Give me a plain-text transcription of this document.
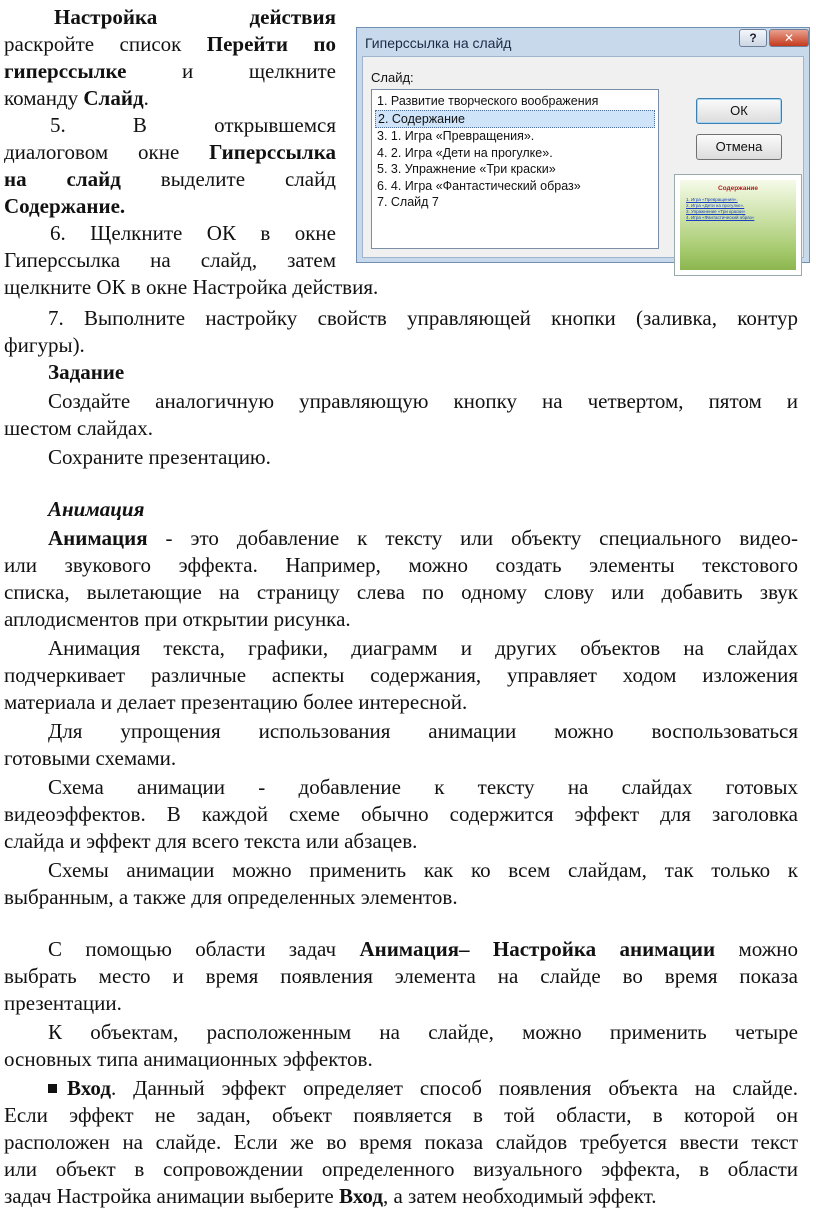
Настройка действия
раскройте список Перейти по
гиперссылке и щелкните
команду Слайд.
5. В открывшемся
диалоговом окне Гиперссылка
на слайд выделите слайд
Содержание.
6. Щелкните ОК в окне
Гиперссылка на слайд, затем
щелкните ОК в окне Настройка действия.
Гиперссылка на слайд	?	✕
Слайд:
1. Развитие творческого воображения
2. Содержание
3. 1. Игра «Превращения».
4. 2. Игра «Дети на прогулке».
5. 3. Упражнение «Три краски»
6. 4. Игра «Фантастический образ»
7. Слайд 7
ОК
Отмена
Содержание
1. Игра «Превращения».
2. Игра «Дети на прогулке».
3. Упражнение «Три краски»
4. Игра «Фантастический образ»
7. Выполните настройку свойств управляющей кнопки (заливка, контур
фигуры).
Задание
Создайте аналогичную управляющую кнопку на четвертом, пятом и
шестом слайдах.
Сохраните презентацию.
Анимация
Анимация - это добавление к тексту или объекту специального видео-
или звукового эффекта. Например, можно создать элементы текстового
списка, вылетающие на страницу слева по одному слову или добавить звук
аплодисментов при открытии рисунка.
Анимация текста, графики, диаграмм и других объектов на слайдах
подчеркивает различные аспекты содержания, управляет ходом изложения
материала и делает презентацию более интересной.
Для упрощения использования анимации можно воспользоваться
готовыми схемами.
Схема анимации - добавление к тексту на слайдах готовых
видеоэффектов. В каждой схеме обычно содержится эффект для заголовка
слайда и эффект для всего текста или абзацев.
Схемы анимации можно применить как ко всем слайдам, так только к
выбранным, а также для определенных элементов.
С помощью области задач Анимация– Настройка анимации можно
выбрать место и время появления элемента на слайде во время показа
презентации.
К объектам, расположенным на слайде, можно применить четыре
основных типа анимационных эффектов.
Вход. Данный эффект определяет способ появления объекта на слайде.
Если эффект не задан, объект появляется в той области, в которой он
расположен на слайде. Если же во время показа слайдов требуется ввести текст
или объект в сопровождении определенного визуального эффекта, в области
задач Настройка анимации выберите Вход, а затем необходимый эффект.
